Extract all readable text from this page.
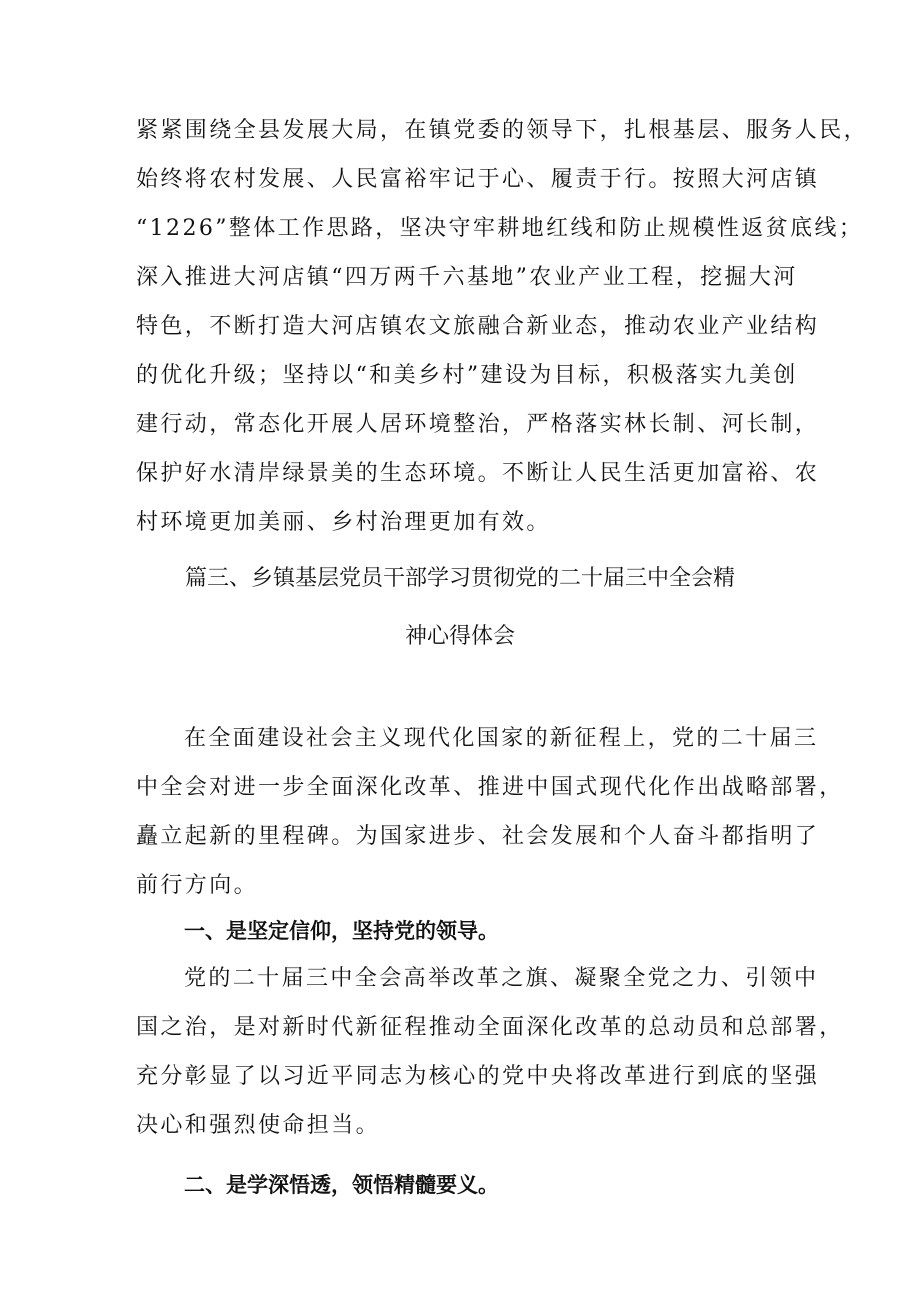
紧紧围绕全县发展大局，在镇党委的领导下，扎根基层、服务人民，
始终将农村发展、人民富裕牢记于心、履责于行。按照大河店镇
“1226”整体工作思路，坚决守牢耕地红线和防止规模性返贫底线；
深入推进大河店镇“四万两千六基地”农业产业工程，挖掘大河
特色，不断打造大河店镇农文旅融合新业态，推动农业产业结构
的优化升级；坚持以“和美乡村”建设为目标，积极落实九美创
建行动，常态化开展人居环境整治，严格落实林长制、河长制，
保护好水清岸绿景美的生态环境。不断让人民生活更加富裕、农
村环境更加美丽、乡村治理更加有效。
篇三、乡镇基层党员干部学习贯彻党的二十届三中全会精
神心得体会
在全面建设社会主义现代化国家的新征程上，党的二十届三
中全会对进一步全面深化改革、推进中国式现代化作出战略部署，
矗立起新的里程碑。为国家进步、社会发展和个人奋斗都指明了
前行方向。
一、是坚定信仰，坚持党的领导。
党的二十届三中全会高举改革之旗、凝聚全党之力、引领中
国之治，是对新时代新征程推动全面深化改革的总动员和总部署，
充分彰显了以习近平同志为核心的党中央将改革进行到底的坚强
决心和强烈使命担当。
二、是学深悟透，领悟精髓要义。
